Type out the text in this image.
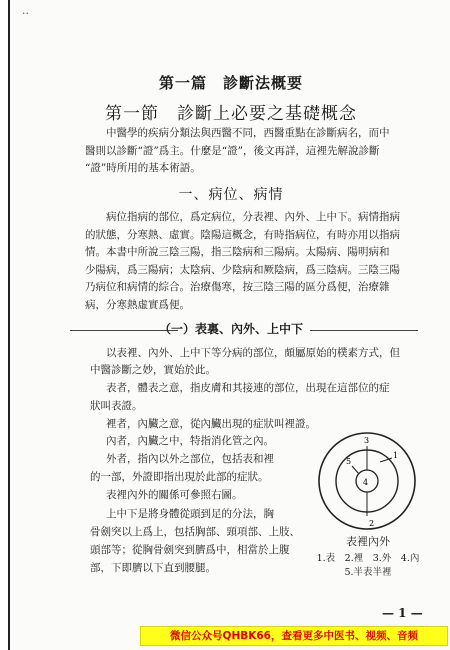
..
第一篇　診斷法概要
第一節　診斷上必要之基礎概念
中醫學的疾病分類法與西醫不同，西醫重點在診斷病名，而中
醫則以診斷“證”爲主。什麼是“證”，後文再詳，這裡先解說診斷
“證”時所用的基本術語。
一、病位、病情
病位指病的部位，爲定病位，分表裡、內外、上中下。病情指病
的狀態，分寒熱、虛實。陰陽這概念，有時指病位，有時亦用以指病
情。本書中所說三陰三陽，指三陰病和三陽病。太陽病、陽明病和
少陽病，爲三陽病；太陰病、少陰病和厥陰病，爲三陰病。三陰三陽
乃病位和病情的綜合。治療傷寒，按三陰三陽的區分爲便，治療雜
病，分寒熱虛實爲便。
（一）表裏、內外、上中下
以表裡、內外、上中下等分病的部位，頗屬原始的樸素方式，但
中醫診斷之妙，實始於此。
表者，體表之意，指皮膚和其接連的部位，出現在這部位的症
狀叫表證。
裡者，內臟之意，從內臟出現的症狀叫裡證。
內者，內臟之中，特指消化管之內。
外者，指內以外之部位，包括表和裡
的一部，外證即指出現於此部的症狀。
表裡內外的關係可參照右圖。
上中下是將身體從頭到足的分法，胸
骨劍突以上爲上，包括胸部、頸項部、上肢、
頭部等；從胸骨劍突到臍爲中，相當於上腹
部，下即臍以下直到腰腿。
1
2
3
4
5
表裡內外
1.表　2.裡　3.外　4.內
5.半表半裡
— 1 —
微信公众号QHBK66，查看更多中医书、视频、音频
